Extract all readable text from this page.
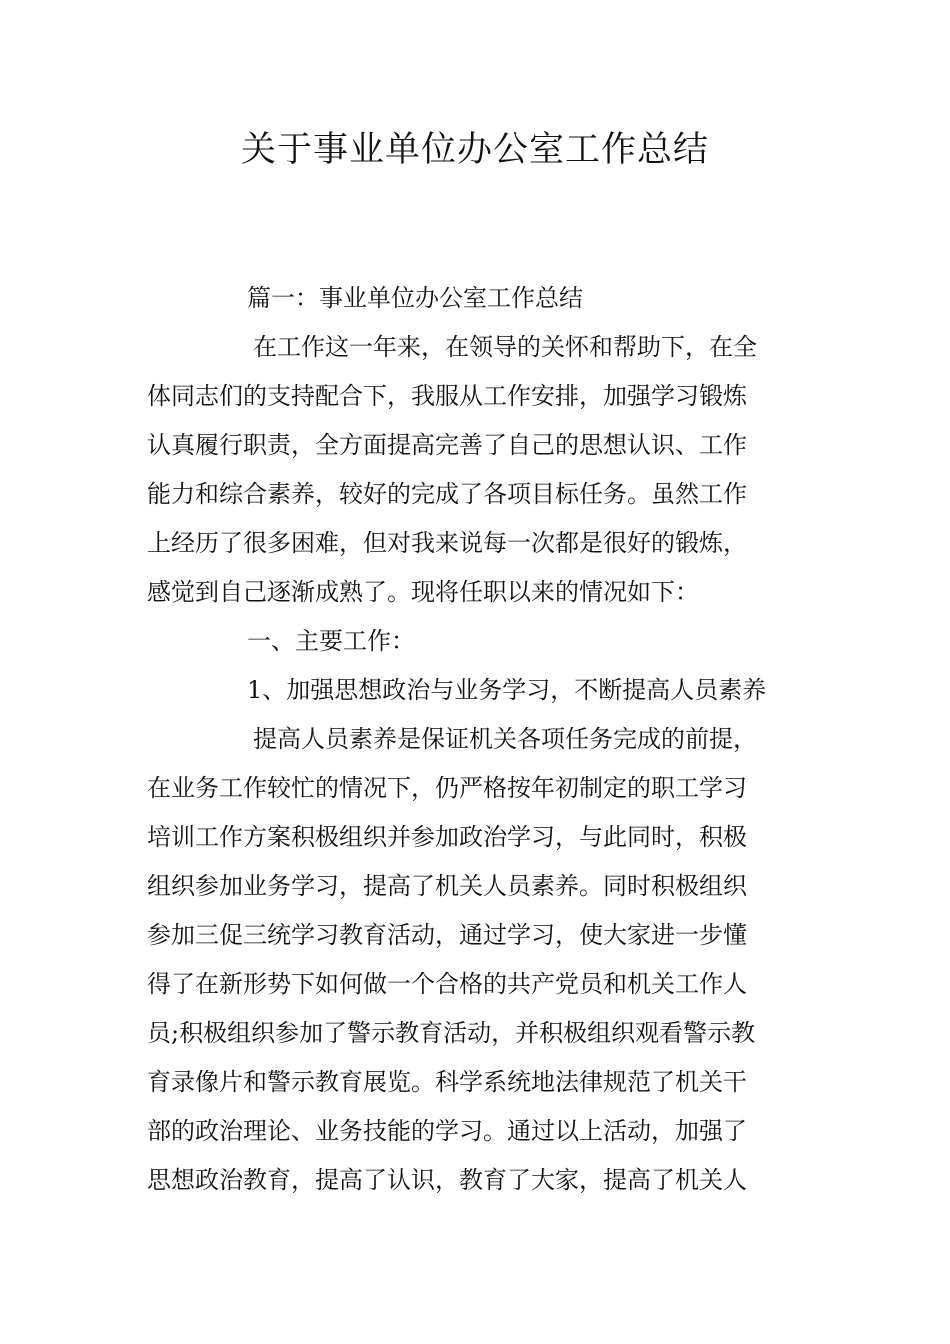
关于事业单位办公室工作总结
篇一：事业单位办公室工作总结
在工作这一年来，在领导的关怀和帮助下，在全
体同志们的支持配合下，我服从工作安排，加强学习锻炼
认真履行职责，全方面提高完善了自己的思想认识、工作
能力和综合素养，较好的完成了各项目标任务。虽然工作
上经历了很多困难，但对我来说每一次都是很好的锻炼，
感觉到自己逐渐成熟了。现将任职以来的情况如下：
一、主要工作：
1、加强思想政治与业务学习，不断提高人员素养
提高人员素养是保证机关各项任务完成的前提，
在业务工作较忙的情况下，仍严格按年初制定的职工学习
培训工作方案积极组织并参加政治学习，与此同时，积极
组织参加业务学习，提高了机关人员素养。同时积极组织
参加三促三统学习教育活动，通过学习，使大家进一步懂
得了在新形势下如何做一个合格的共产党员和机关工作人
员;积极组织参加了警示教育活动，并积极组织观看警示教
育录像片和警示教育展览。科学系统地法律规范了机关干
部的政治理论、业务技能的学习。通过以上活动，加强了
思想政治教育，提高了认识，教育了大家，提高了机关人
